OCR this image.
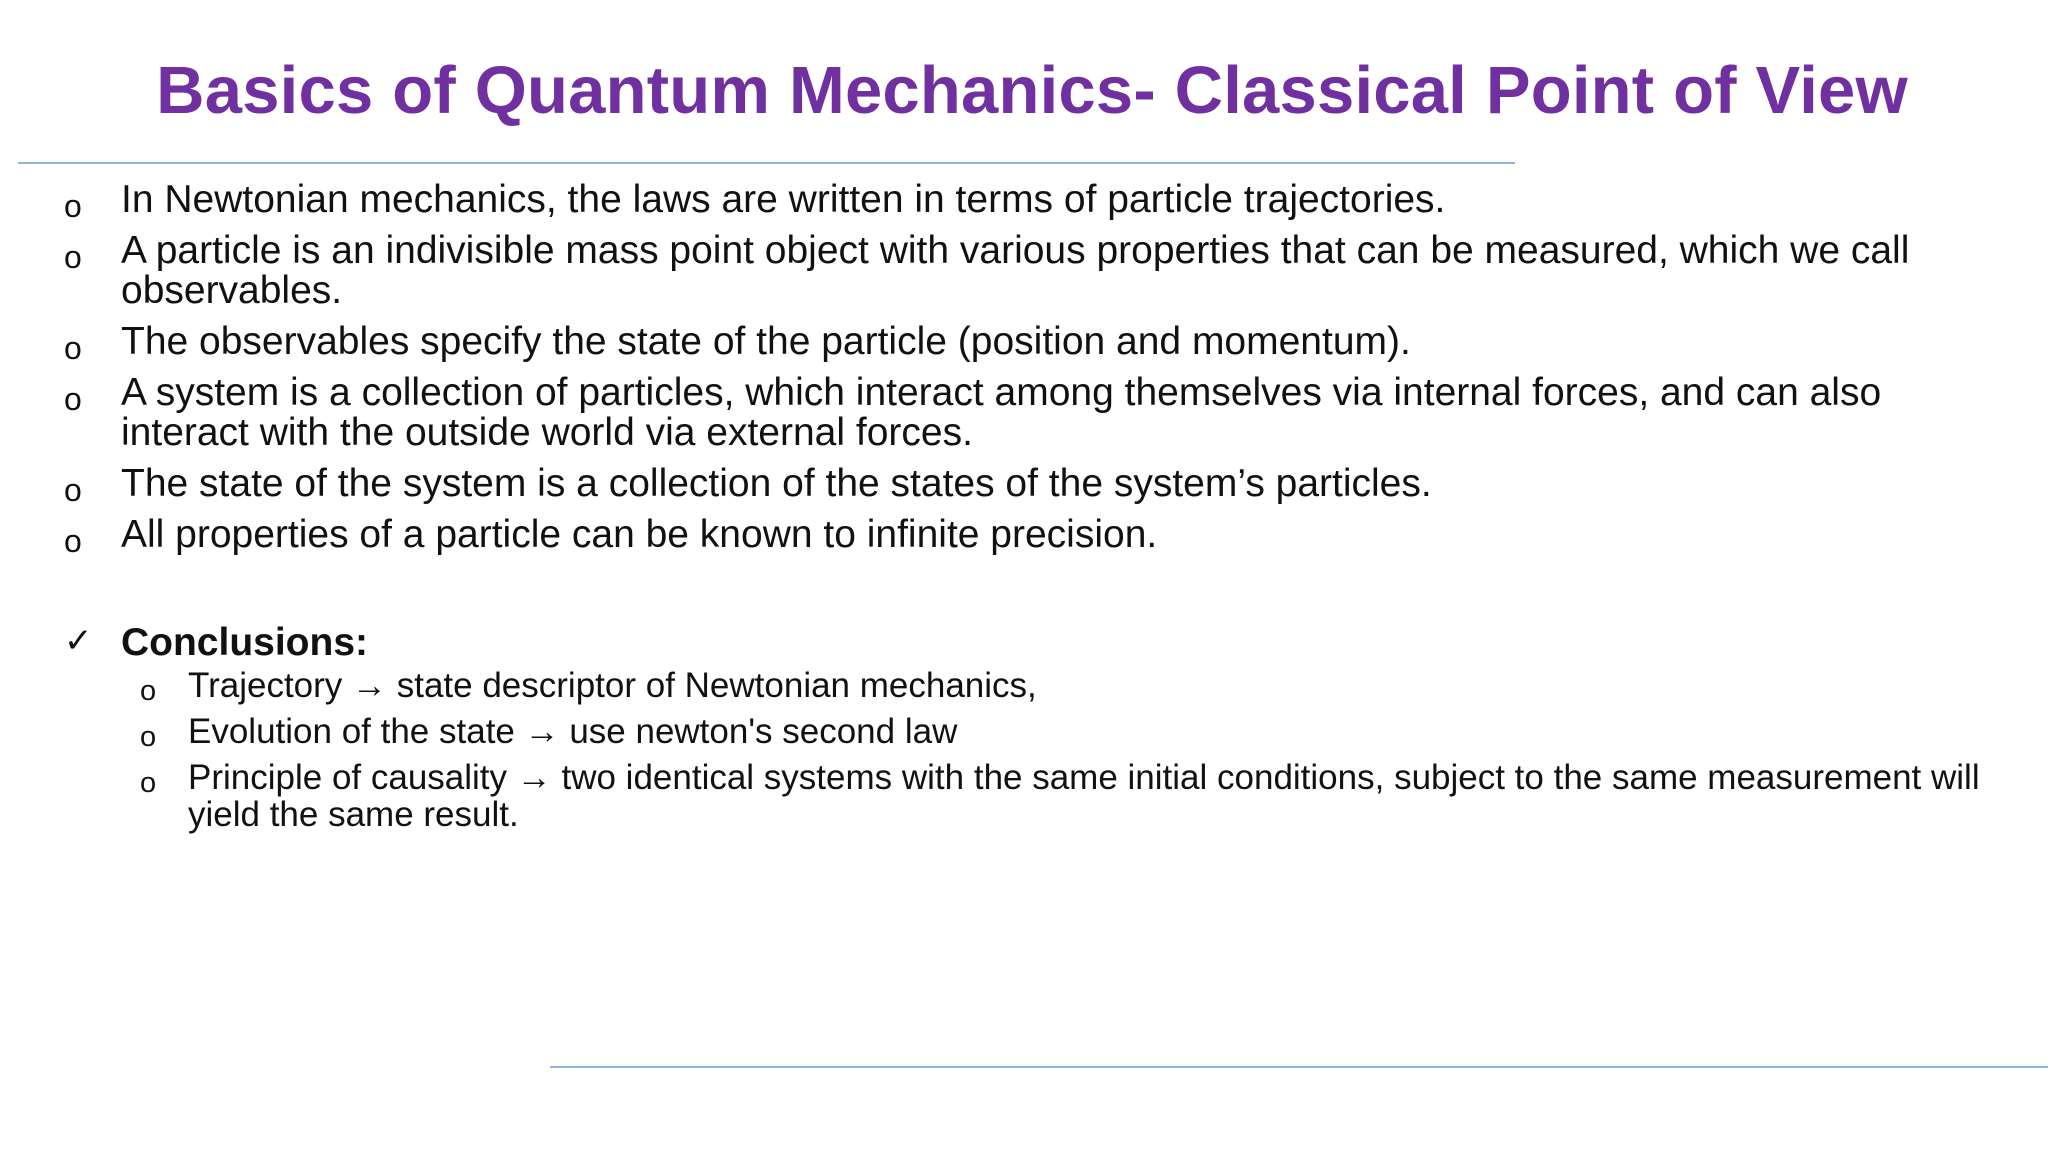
Basics of Quantum Mechanics- Classical Point of View
o In Newtonian mechanics, the laws are written in terms of particle trajectories.
o A particle is an indivisible mass point object with various properties that can be measured, which we call observables.
o The observables specify the state of the particle (position and momentum).
o A system is a collection of particles, which interact among themselves via internal forces, and can also interact with the outside world via external forces.
o The state of the system is a collection of the states of the system’s particles.
o All properties of a particle can be known to infinite precision.
✓ Conclusions:
o Trajectory → state descriptor of Newtonian mechanics,
o Evolution of the state → use newton's second law
o Principle of causality → two identical systems with the same initial conditions, subject to the same measurement will yield the same result.
